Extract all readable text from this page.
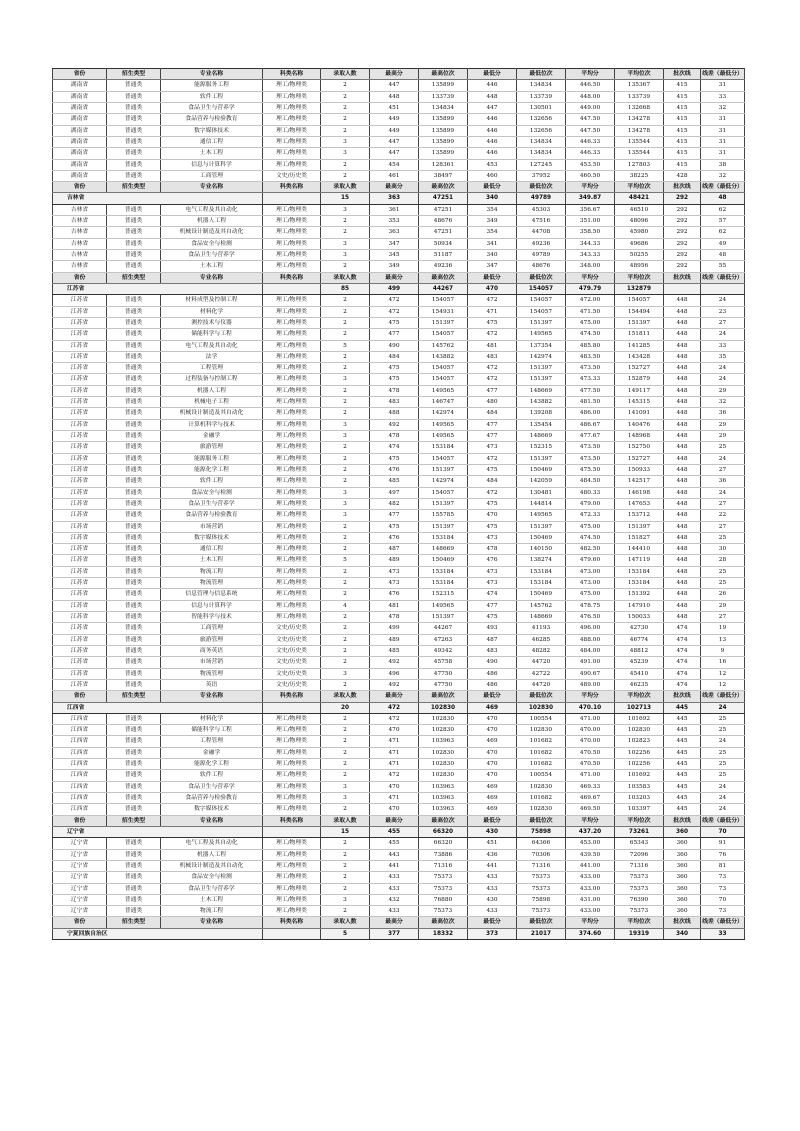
省份	招生类型	专业名称	科类名称	录取人数	最高分	最高位次	最低分	最低位次	平均分	平均位次	批次线	线差（最低分）
湖南省	普通类	能源服务工程	理工/物理类	2	447	135899	446	134834	446.50	135367	415	31
湖南省	普通类	软件工程	理工/物理类	2	448	133739	448	133739	448.00	133739	415	33
湖南省	普通类	食品卫生与营养学	理工/物理类	2	451	134834	447	130501	449.00	132668	415	32
湖南省	普通类	食品营养与检验教育	理工/物理类	2	449	135899	446	132656	447.50	134278	415	31
湖南省	普通类	数字媒体技术	理工/物理类	2	449	135899	446	132656	447.50	134278	415	31
湖南省	普通类	通信工程	理工/物理类	3	447	135899	446	134834	446.33	135544	415	31
湖南省	普通类	土木工程	理工/物理类	3	447	135899	446	134834	446.33	135544	415	31
湖南省	普通类	信息与计算科学	理工/物理类	2	454	128361	453	127245	453.50	127803	415	38
湖南省	普通类	工商管理	文史/历史类	2	461	38497	460	37952	460.50	38225	428	32
省份	招生类型	专业名称	科类名称	录取人数	最高分	最高位次	最低分	最低位次	平均分	平均位次	批次线	线差（最低分）
吉林省				15	363	47251	340	49789	349.87	48421	292	48
吉林省	普通类	电气工程及其自动化	理工/物理类	3	361	47251	354	45303	356.67	46510	292	62
吉林省	普通类	机器人工程	理工/物理类	2	353	48676	349	47516	351.00	48096	292	57
吉林省	普通类	机械设计制造及其自动化	理工/物理类	2	363	47251	354	44708	358.50	45980	292	62
吉林省	普通类	食品安全与检测	理工/物理类	3	347	50934	341	49236	344.33	49686	292	49
吉林省	普通类	食品卫生与营养学	理工/物理类	3	345	51187	340	49789	343.33	50255	292	48
吉林省	普通类	土木工程	理工/物理类	2	349	49236	347	48676	348.00	48956	292	55
省份	招生类型	专业名称	科类名称	录取人数	最高分	最高位次	最低分	最低位次	平均分	平均位次	批次线	线差（最低分）
江苏省				85	499	44267	470	154057	479.79	132879		
江苏省	普通类	材料成型及控制工程	理工/物理类	2	472	154057	472	154057	472.00	154057	448	24
江苏省	普通类	材料化学	理工/物理类	2	472	154931	471	154057	471.50	154494	448	23
江苏省	普通类	测控技术与仪器	理工/物理类	2	475	151397	475	151397	475.00	151397	448	27
江苏省	普通类	储能科学与工程	理工/物理类	2	477	154057	472	149565	474.50	151811	448	24
江苏省	普通类	电气工程及其自动化	理工/物理类	5	490	145762	481	137354	485.80	141285	448	33
江苏省	普通类	法学	理工/物理类	2	484	143882	483	142974	483.50	143428	448	35
江苏省	普通类	工程管理	理工/物理类	2	475	154057	472	151397	473.50	152727	448	24
江苏省	普通类	过程装备与控制工程	理工/物理类	3	475	154057	472	151397	473.33	152879	448	24
江苏省	普通类	机器人工程	理工/物理类	2	478	149565	477	148669	477.50	149117	448	29
江苏省	普通类	机械电子工程	理工/物理类	2	483	146747	480	143882	481.50	145315	448	32
江苏省	普通类	机械设计制造及其自动化	理工/物理类	2	488	142974	484	139208	486.00	141091	448	36
江苏省	普通类	计算机科学与技术	理工/物理类	3	492	149565	477	135454	486.67	140476	448	29
江苏省	普通类	金融学	理工/物理类	3	478	149565	477	148669	477.67	148968	448	29
江苏省	普通类	旅游管理	理工/物理类	2	474	153184	473	152315	473.50	152750	448	25
江苏省	普通类	能源服务工程	理工/物理类	2	475	154057	472	151397	473.50	152727	448	24
江苏省	普通类	能源化学工程	理工/物理类	2	476	151397	475	150469	475.50	150933	448	27
江苏省	普通类	软件工程	理工/物理类	2	485	142974	484	142059	484.50	142517	448	36
江苏省	普通类	食品安全与检测	理工/物理类	3	497	154057	472	130481	480.33	146198	448	24
江苏省	普通类	食品卫生与营养学	理工/物理类	3	482	151397	475	144814	479.00	147653	448	27
江苏省	普通类	食品营养与检验教育	理工/物理类	3	477	155785	470	149565	472.33	153712	448	22
江苏省	普通类	市场营销	理工/物理类	2	475	151397	475	151397	475.00	151397	448	27
江苏省	普通类	数字媒体技术	理工/物理类	2	476	153184	473	150469	474.50	151827	448	25
江苏省	普通类	通信工程	理工/物理类	2	487	148669	478	140150	482.50	144410	448	30
江苏省	普通类	土木工程	理工/物理类	5	489	150469	476	138274	479.60	147119	448	28
江苏省	普通类	物流工程	理工/物理类	2	473	153184	473	153184	473.00	153184	448	25
江苏省	普通类	物流管理	理工/物理类	2	473	153184	473	153184	473.00	153184	448	25
江苏省	普通类	信息管理与信息系统	理工/物理类	2	476	152315	474	150469	475.00	151392	448	26
江苏省	普通类	信息与计算科学	理工/物理类	4	481	149565	477	145762	478.75	147910	448	29
江苏省	普通类	智能科学与技术	理工/物理类	2	478	151397	475	148669	476.50	150033	448	27
江苏省	普通类	工商管理	文史/历史类	2	499	44267	493	41193	496.00	42730	474	19
江苏省	普通类	旅游管理	文史/历史类	2	489	47263	487	46285	488.00	46774	474	13
江苏省	普通类	商务英语	文史/历史类	2	485	49342	483	48282	484.00	48812	474	9
江苏省	普通类	市场营销	文史/历史类	2	492	45758	490	44720	491.00	45239	474	16
江苏省	普通类	物流管理	文史/历史类	3	496	47750	486	42722	490.67	45410	474	12
江苏省	普通类	英语	文史/历史类	2	492	47750	486	44720	489.00	46235	474	12
省份	招生类型	专业名称	科类名称	录取人数	最高分	最高位次	最低分	最低位次	平均分	平均位次	批次线	线差（最低分）
江西省				20	472	102830	469	102830	470.10	102713	445	24
江西省	普通类	材料化学	理工/物理类	2	472	102830	470	100554	471.00	101692	445	25
江西省	普通类	储能科学与工程	理工/物理类	2	470	102830	470	102830	470.00	102830	445	25
江西省	普通类	工程管理	理工/物理类	2	471	103963	469	101682	470.00	102823	445	24
江西省	普通类	金融学	理工/物理类	2	471	102830	470	101682	470.50	102256	445	25
江西省	普通类	能源化学工程	理工/物理类	2	471	102830	470	101682	470.50	102256	445	25
江西省	普通类	软件工程	理工/物理类	2	472	102830	470	100554	471.00	101692	445	25
江西省	普通类	食品卫生与营养学	理工/物理类	3	470	103963	469	102830	469.33	103583	445	24
江西省	普通类	食品营养与检验教育	理工/物理类	3	471	103963	469	101682	469.67	103203	445	24
江西省	普通类	数字媒体技术	理工/物理类	2	470	103963	469	102830	469.50	103397	445	24
省份	招生类型	专业名称	科类名称	录取人数	最高分	最高位次	最低分	最低位次	平均分	平均位次	批次线	线差（最低分）
辽宁省				15	455	66320	430	75898	437.20	73261	360	70
辽宁省	普通类	电气工程及其自动化	理工/物理类	2	455	66320	451	64366	453.00	65343	360	91
辽宁省	普通类	机器人工程	理工/物理类	2	443	73886	436	70306	439.50	72096	360	76
辽宁省	普通类	机械设计制造及其自动化	理工/物理类	2	441	71316	441	71316	441.00	71316	360	81
辽宁省	普通类	食品安全与检测	理工/物理类	2	433	75373	433	75373	433.00	75373	360	73
辽宁省	普通类	食品卫生与营养学	理工/物理类	2	433	75373	433	75373	433.00	75373	360	73
辽宁省	普通类	土木工程	理工/物理类	3	432	76880	430	75898	431.00	76390	360	70
辽宁省	普通类	物流工程	理工/物理类	2	433	75373	433	75373	433.00	75373	360	73
省份	招生类型	专业名称	科类名称	录取人数	最高分	最高位次	最低分	最低位次	平均分	平均位次	批次线	线差（最低分）
宁夏回族自治区				5	377	18332	373	21017	374.60	19319	340	33
